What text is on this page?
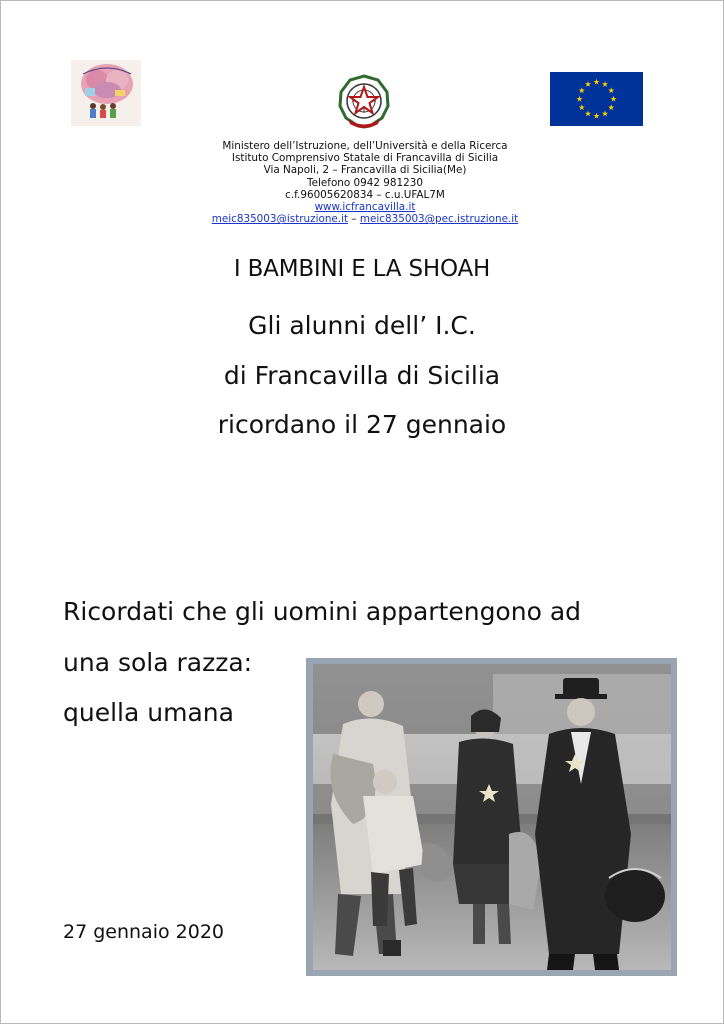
Ministero dell’Istruzione, dell’Università e della Ricerca
Istituto Comprensivo Statale di Francavilla di Sicilia
Via Napoli, 2 – Francavilla di Sicilia(Me)
Telefono 0942 981230
c.f.96005620834 – c.u.UFAL7M
www.icfrancavilla.it
meic835003@istruzione.it – meic835003@pec.istruzione.it
I BAMBINI E LA SHOAH
Gli alunni dell’ I.C.
di Francavilla di Sicilia
ricordano il 27 gennaio
Ricordati che gli uomini appartengono ad
una sola razza:
quella umana
27 gennaio 2020
